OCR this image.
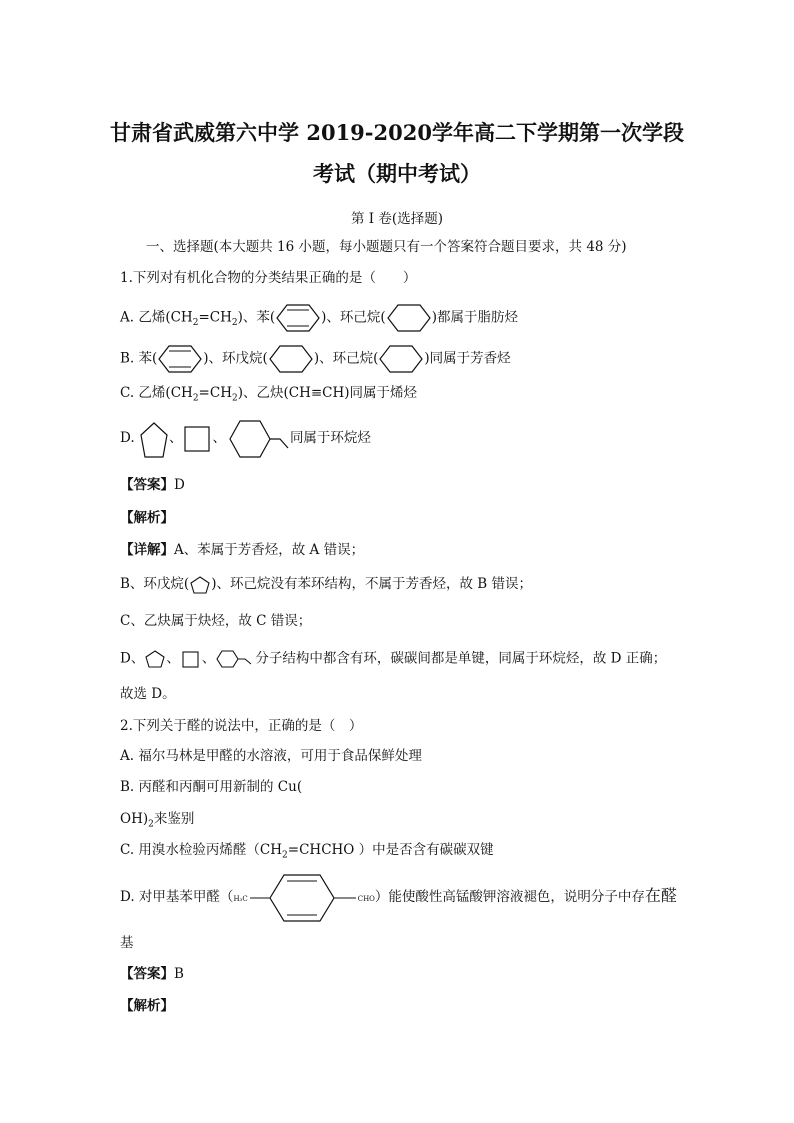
甘肃省武威第六中学 2019-2020学年高二下学期第一次学段
考试（期中考试）
第 I 卷(选择题)
一、选择题(本大题共 16 小题，每小题题只有一个答案符合题目要求，共 48 分)
1.下列对有机化合物的分类结果正确的是（　　）
A. 乙烯$(CH_2=CH_2)$、苯(	)、环己烷(	)都属于脂肪烃
B. 苯(	)、环戊烷(	)、环己烷(	)同属于芳香烃
C. 乙烯$(CH_2=CH_2)$、乙炔(CH≡CH)同属于烯烃
D.	、 、	同属于环烷烃
【答案】D
【解析】
【详解】A、苯属于芳香烃，故 A 错误；
B、环戊烷( )、环己烷没有苯环结构，不属于芳香烃，故 B 错误；
C、乙炔属于炔烃，故 C 错误；
D、 、 、	分子结构中都含有环，碳碳间都是单键，同属于环烷烃，故 D 正确；
故选 D。
2.下列关于醛的说法中，正确的是（　）
A. 福尔马林是甲醛的水溶液，可用于食品保鲜处理
B. 丙醛和丙酮可用新制的 Cu(
$OH)_2$来鉴别
C. 用溴水检验丙烯醛（$CH_2=CHCHO$ ）中是否含有碳碳双键
D. 对甲基苯甲醛（H₃C	CHO）能使酸性高锰酸钾溶液褪色，说明分子中存在醛
基
【答案】B
【解析】
